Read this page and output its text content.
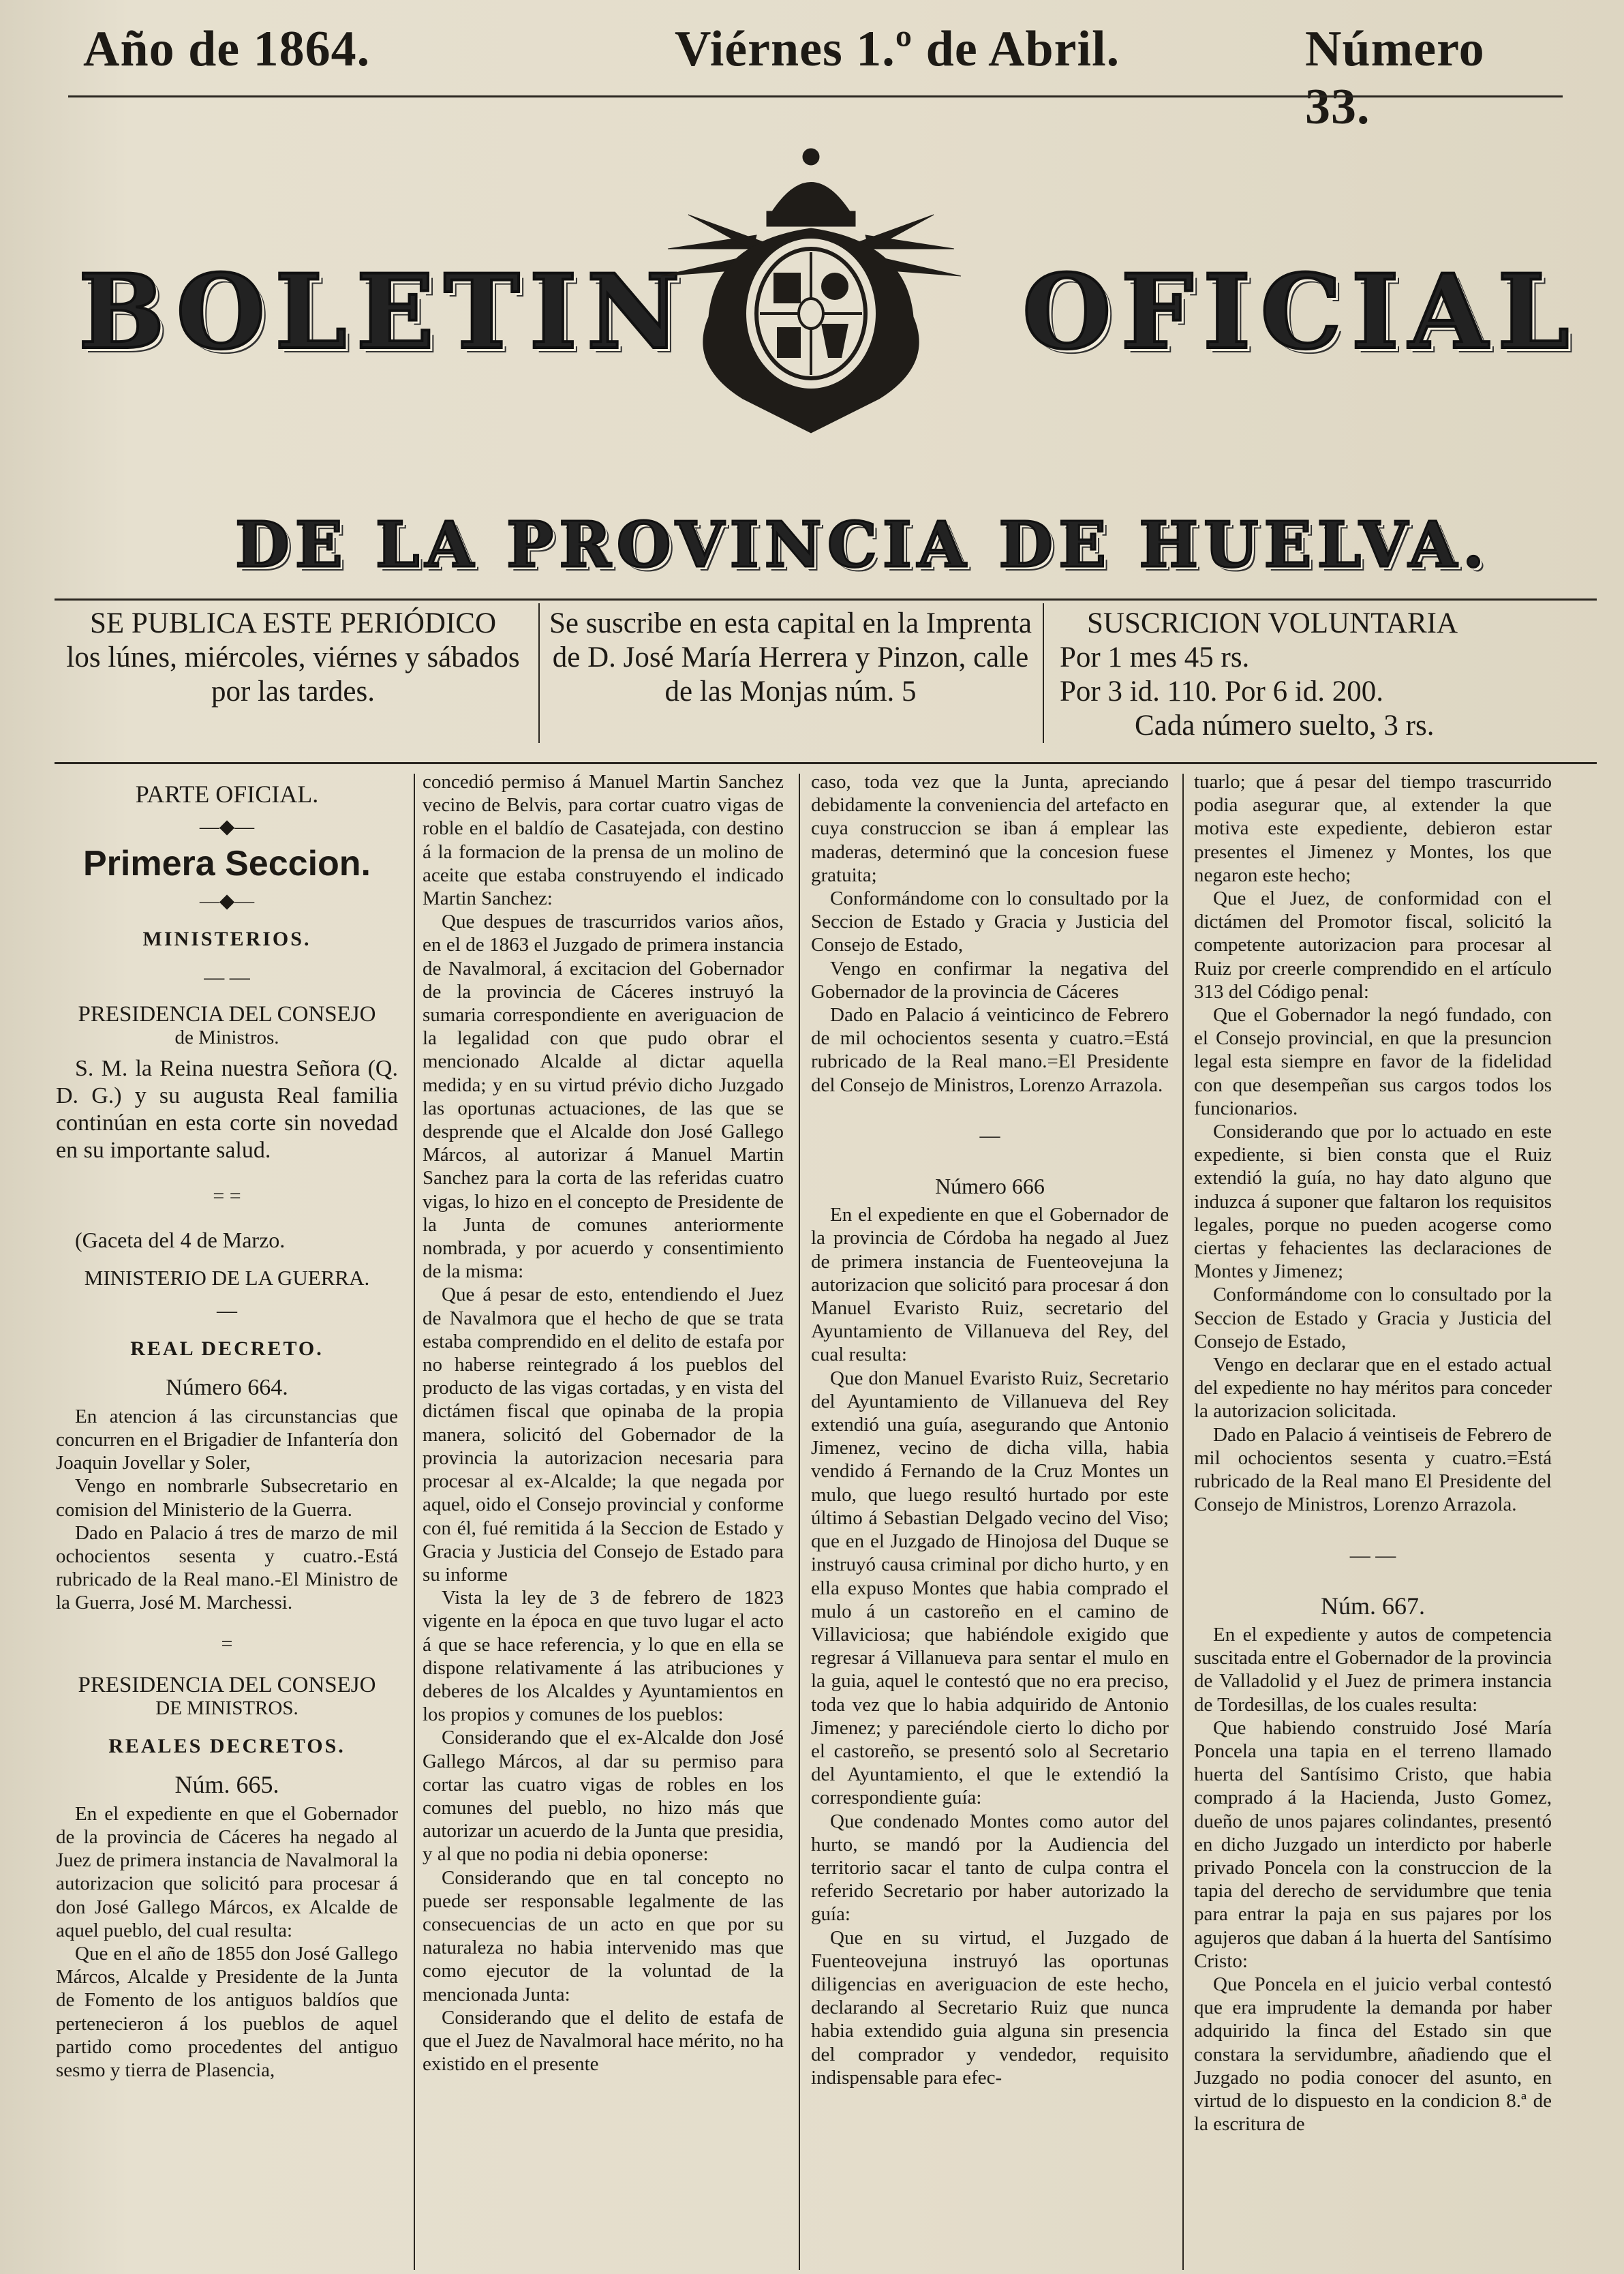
Año de 1864.	Viérnes 1.º de Abril.	Número 33.
BOLETIN	OFICIAL
DE LA PROVINCIA DE HUELVA.
SE PUBLICA ESTE PERIÓDICO
los lúnes, miércoles, viérnes y sábados
por las tardes.
Se suscribe en esta capital en la Imprenta
de D. José María Herrera y Pinzon, calle
de las Monjas núm. 5
SUSCRICION VOLUNTARIA
Por 1 mes 45 rs.
Por 3 id. 110. Por 6 id. 200.
Cada número suelto, 3 rs.

PARTE OFICIAL.

—◆—

Primera Seccion.

—◆—

MINISTERIOS.

— —

PRESIDENCIA DEL CONSEJO

de Ministros.

S. M. la Reina nuestra Señora (Q. D. G.) y su augusta Real familia continúan en esta corte sin novedad en su importante salud.

= =

(Gaceta del 4 de Marzo.

MINISTERIO DE LA GUERRA.

—

REAL DECRETO.

Número 664.

En atencion á las circunstancias que concurren en el Brigadier de Infantería don Joaquin Jovellar y Soler,

Vengo en nombrarle Subsecretario en comision del Ministerio de la Guerra.

Dado en Palacio á tres de marzo de mil ochocientos sesenta y cuatro.-Está rubricado de la Real mano.-El Ministro de la Guerra, José M. Marchessi.

=

PRESIDENCIA DEL CONSEJO

DE MINISTROS.

REALES DECRETOS.

Núm. 665.

En el expediente en que el Gobernador de la provincia de Cáceres ha negado al Juez de primera instancia de Navalmoral la autorizacion que solicitó para procesar á don José Gallego Márcos, ex Alcalde de aquel pueblo, del cual resulta:

Que en el año de 1855 don José Gallego Márcos, Alcalde y Presidente de la Junta de Fomento de los antiguos baldíos que pertenecieron á los pueblos de aquel partido como procedentes del antiguo sesmo y tierra de Plasencia,

concedió permiso á Manuel Martin Sanchez vecino de Belvis, para cortar cuatro vigas de roble en el baldío de Casatejada, con destino á la formacion de la prensa de un molino de aceite que estaba construyendo el indicado Martin Sanchez:

Que despues de trascurridos varios años, en el de 1863 el Juzgado de primera instancia de Navalmoral, á excitacion del Gobernador de la provincia de Cáceres instruyó la sumaria correspondiente en averiguacion de la legalidad con que pudo obrar el mencionado Alcalde al dictar aquella medida; y en su virtud prévio dicho Juzgado las oportunas actuaciones, de las que se desprende que el Alcalde don José Gallego Márcos, al autorizar á Manuel Martin Sanchez para la corta de las referidas cuatro vigas, lo hizo en el concepto de Presidente de la Junta de comunes anteriormente nombrada, y por acuerdo y consentimiento de la misma:

Que á pesar de esto, entendiendo el Juez de Navalmora que el hecho de que se trata estaba comprendido en el delito de estafa por no haberse reintegrado á los pueblos del producto de las vigas cortadas, y en vista del dictámen fiscal que opinaba de la propia manera, solicitó del Gobernador de la provincia la autorizacion necesaria para procesar al ex-Alcalde; la que negada por aquel, oido el Consejo provincial y conforme con él, fué remitida á la Seccion de Estado y Gracia y Justicia del Consejo de Estado para su informe

Vista la ley de 3 de febrero de 1823 vigente en la época en que tuvo lugar el acto á que se hace referencia, y lo que en ella se dispone relativamente á las atribuciones y deberes de los Alcaldes y Ayuntamientos en los propios y comunes de los pueblos:

Considerando que el ex-Alcalde don José Gallego Márcos, al dar su permiso para cortar las cuatro vigas de robles en los comunes del pueblo, no hizo más que autorizar un acuerdo de la Junta que presidia, y al que no podia ni debia oponerse:

Considerando que en tal concepto no puede ser responsable legalmente de las consecuencias de un acto en que por su naturaleza no habia intervenido mas que como ejecutor de la voluntad de la mencionada Junta:

Considerando que el delito de estafa de que el Juez de Navalmoral hace mérito, no ha existido en el presente

caso, toda vez que la Junta, apreciando debidamente la conveniencia del artefacto en cuya construccion se iban á emplear las maderas, determinó que la concesion fuese gratuita;

Conformándome con lo consultado por la Seccion de Estado y Gracia y Justicia del Consejo de Estado,

Vengo en confirmar la negativa del Gobernador de la provincia de Cáceres

Dado en Palacio á veinticinco de Febrero de mil ochocientos sesenta y cuatro.=Está rubricado de la Real mano.=El Presidente del Consejo de Ministros, Lorenzo Arrazola.

—

Número 666

En el expediente en que el Gobernador de la provincia de Córdoba ha negado al Juez de primera instancia de Fuenteovejuna la autorizacion que solicitó para procesar á don Manuel Evaristo Ruiz, secretario del Ayuntamiento de Villanueva del Rey, del cual resulta:

Que don Manuel Evaristo Ruiz, Secretario del Ayuntamiento de Villanueva del Rey extendió una guía, asegurando que Antonio Jimenez, vecino de dicha villa, habia vendido á Fernando de la Cruz Montes un mulo, que luego resultó hurtado por este último á Sebastian Delgado vecino del Viso; que en el Juzgado de Hinojosa del Duque se instruyó causa criminal por dicho hurto, y en ella expuso Montes que habia comprado el mulo á un castoreño en el camino de Villaviciosa; que habiéndole exigido que regresar á Villanueva para sentar el mulo en la guia, aquel le contestó que no era preciso, toda vez que lo habia adquirido de Antonio Jimenez; y pareciéndole cierto lo dicho por el castoreño, se presentó solo al Secretario del Ayuntamiento, el que le extendió la correspondiente guía:

Que condenado Montes como autor del hurto, se mandó por la Audiencia del territorio sacar el tanto de culpa contra el referido Secretario por haber autorizado la guía:

Que en su virtud, el Juzgado de Fuenteovejuna instruyó las oportunas diligencias en averiguacion de este hecho, declarando al Secretario Ruiz que nunca habia extendido guia alguna sin presencia del comprador y vendedor, requisito indispensable para efec-

tuarlo; que á pesar del tiempo trascurrido podia asegurar que, al extender la que motiva este expediente, debieron estar presentes el Jimenez y Montes, los que negaron este hecho;

Que el Juez, de conformidad con el dictámen del Promotor fiscal, solicitó la competente autorizacion para procesar al Ruiz por creerle comprendido en el artículo 313 del Código penal:

Que el Gobernador la negó fundado, con el Consejo provincial, en que la presuncion legal esta siempre en favor de la fidelidad con que desempeñan sus cargos todos los funcionarios.

Considerando que por lo actuado en este expediente, si bien consta que el Ruiz extendió la guía, no hay dato alguno que induzca á suponer que faltaron los requisitos legales, porque no pueden acogerse como ciertas y fehacientes las declaraciones de Montes y Jimenez;

Conformándome con lo consultado por la Seccion de Estado y Gracia y Justicia del Consejo de Estado,

Vengo en declarar que en el estado actual del expediente no hay méritos para conceder la autorizacion solicitada.

Dado en Palacio á veintiseis de Febrero de mil ochocientos sesenta y cuatro.=Está rubricado de la Real mano El Presidente del Consejo de Ministros, Lorenzo Arrazola.

— —

Núm. 667.

En el expediente y autos de competencia suscitada entre el Gobernador de la provincia de Valladolid y el Juez de primera instancia de Tordesillas, de los cuales resulta:

Que habiendo construido José María Poncela una tapia en el terreno llamado huerta del Santísimo Cristo, que habia comprado á la Hacienda, Justo Gomez, dueño de unos pajares colindantes, presentó en dicho Juzgado un interdicto por haberle privado Poncela con la construccion de la tapia del derecho de servidumbre que tenia para entrar la paja en sus pajares por los agujeros que daban á la huerta del Santísimo Cristo:

Que Poncela en el juicio verbal contestó que era imprudente la demanda por haber adquirido la finca del Estado sin que constara la servidumbre, añadiendo que el Juzgado no podia conocer del asunto, en virtud de lo dispuesto en la condicion 8.ª de la escritura de
